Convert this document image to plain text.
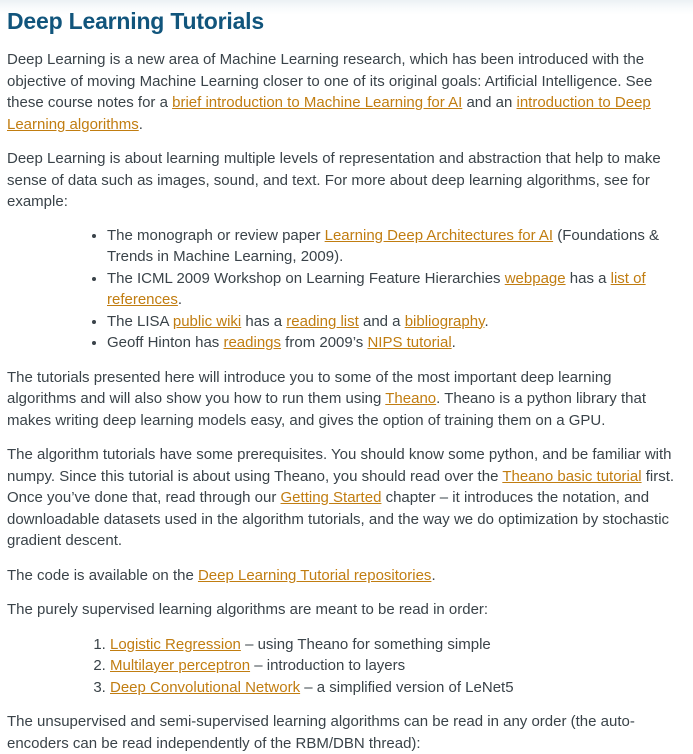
Deep Learning Tutorials

Deep Learning is a new area of Machine Learning research, which has been introduced with the objective of moving Machine Learning closer to one of its original goals: Artificial Intelligence. See these course notes for a brief introduction to Machine Learning for AI and an introduction to Deep Learning algorithms.

Deep Learning is about learning multiple levels of representation and abstraction that help to make sense of data such as images, sound, and text. For more about deep learning algorithms, see for example:

• The monograph or review paper Learning Deep Architectures for AI (Foundations & Trends in Machine Learning, 2009).
• The ICML 2009 Workshop on Learning Feature Hierarchies webpage has a list of references.
• The LISA public wiki has a reading list and a bibliography.
• Geoff Hinton has readings from 2009’s NIPS tutorial.

The tutorials presented here will introduce you to some of the most important deep learning algorithms and will also show you how to run them using Theano. Theano is a python library that makes writing deep learning models easy, and gives the option of training them on a GPU.

The algorithm tutorials have some prerequisites. You should know some python, and be familiar with numpy. Since this tutorial is about using Theano, you should read over the Theano basic tutorial first. Once you’ve done that, read through our Getting Started chapter – it introduces the notation, and downloadable datasets used in the algorithm tutorials, and the way we do optimization by stochastic gradient descent.

The code is available on the Deep Learning Tutorial repositories.

The purely supervised learning algorithms are meant to be read in order:

1. Logistic Regression – using Theano for something simple
2. Multilayer perceptron – introduction to layers
3. Deep Convolutional Network – a simplified version of LeNet5

The unsupervised and semi-supervised learning algorithms can be read in any order (the auto-encoders can be read independently of the RBM/DBN thread):
